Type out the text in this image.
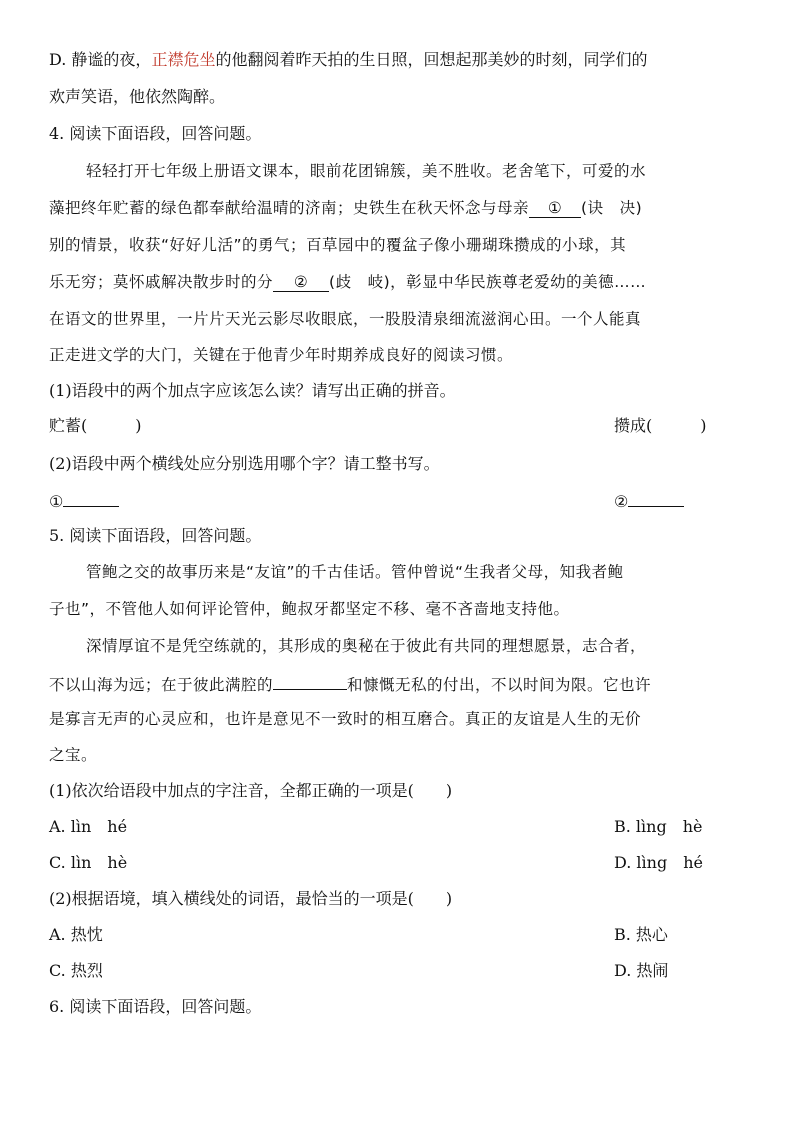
D. 静谧的夜，正襟危坐的他翻阅着昨天拍的生日照，回想起那美妙的时刻，同学们的
欢声笑语，他依然陶醉。
4. 阅读下面语段，回答问题。
轻轻打开七年级上册语文课本，眼前花团锦簇，美不胜收。老舍笔下，可爱的水
藻把终年贮蓄的绿色都奉献给温晴的济南；史铁生在秋天怀念与母亲 ① (诀　决)
别的情景，收获“好好儿活”的勇气；百草园中的覆盆子像小珊瑚珠攒成的小球，其
乐无穷；莫怀戚解决散步时的分 ② (歧　岐)，彰显中华民族尊老爱幼的美德……
在语文的世界里，一片片天光云影尽收眼底，一股股清泉细流滋润心田。一个人能真
正走进文学的大门，关键在于他青少年时期养成良好的阅读习惯。
(1)语段中的两个加点字应该怎么读？请写出正确的拼音。
贮蓄(　　　)	攒成(　　　)
(2)语段中两个横线处应分别选用哪个字？请工整书写。
①	②
5. 阅读下面语段，回答问题。
管鲍之交的故事历来是“友谊”的千古佳话。管仲曾说“生我者父母，知我者鲍
子也”，不管他人如何评论管仲，鲍叔牙都坚定不移、毫不吝啬地支持他。
深情厚谊不是凭空练就的，其形成的奥秘在于彼此有共同的理想愿景，志合者，
不以山海为远；在于彼此满腔的	和慷慨无私的付出，不以时间为限。它也许
是寡言无声的心灵应和，也许是意见不一致时的相互磨合。真正的友谊是人生的无价
之宝。
(1)依次给语段中加点的字注音，全都正确的一项是(　　)
A. lìn　hé	B. lìng　hè
C. lìn　hè	D. lìng　hé
(2)根据语境，填入横线处的词语，最恰当的一项是(　　)
A. 热忱	B. 热心
C. 热烈	D. 热闹
6. 阅读下面语段，回答问题。
